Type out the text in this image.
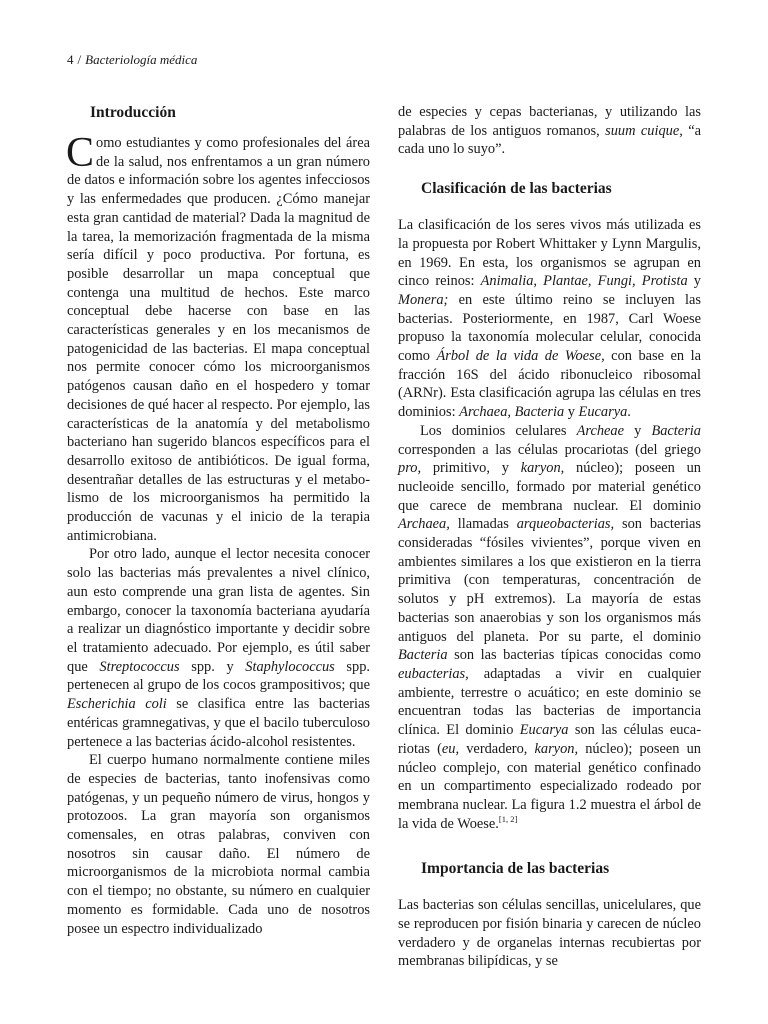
4 / Bacteriología médica
Introducción

Como estudiantes y como profesionales del área de la salud, nos enfrentamos a un gran número de datos e información sobre los agentes infecciosos y las enfermedades que producen. ¿Cómo manejar esta gran cantidad de material? Dada la magnitud de la tarea, la memorización fragmentada de la misma sería difícil y poco productiva. Por fortuna, es posible desarrollar un mapa conceptual que contenga una multitud de hechos. Este marco conceptual debe hacerse con base en las características generales y en los mecanismos de patogenicidad de las bacterias. El mapa conceptual nos permite conocer cómo los microorganismos patógenos causan daño en el hospedero y tomar decisiones de qué hacer al respecto. Por ejemplo, las características de la anatomía y del metabolismo bacteriano han sugerido blancos específicos para el desarrollo exitoso de antibióticos. De igual forma, desentrañar detalles de las estructuras y el metabolismo de los microorganismos ha permitido la producción de vacunas y el inicio de la terapia antimicrobiana.

Por otro lado, aunque el lector necesita conocer solo las bacterias más prevalentes a nivel clínico, aun esto comprende una gran lista de agentes. Sin embargo, conocer la taxonomía bacteriana ayudaría a realizar un diagnóstico importante y decidir sobre el tratamiento adecuado. Por ejemplo, es útil saber que Streptococcus spp. y Staphylococcus spp. pertenecen al grupo de los cocos grampositivos; que Escherichia coli se clasifica entre las bacterias entéricas gramnegativas, y que el bacilo tuberculoso pertenece a las bacterias ácido-alcohol resistentes.

El cuerpo humano normalmente contiene miles de especies de bacterias, tanto inofensivas como patógenas, y un pequeño número de virus, hongos y protozoos. La gran mayoría son organismos comensales, en otras palabras, conviven con nosotros sin causar daño. El número de microorganismos de la microbiota normal cambia con el tiempo; no obstante, su número en cualquier momento es formidable. Cada uno de nosotros posee un espectro individualizado

de especies y cepas bacterianas, y utilizando las palabras de los antiguos romanos, suum cuique, “a cada uno lo suyo”.

Clasificación de las bacterias

La clasificación de los seres vivos más utilizada es la propuesta por Robert Whittaker y Lynn Margulis, en 1969. En esta, los organismos se agrupan en cinco reinos: Animalia, Plantae, Fungi, Protista y Monera; en este último reino se incluyen las bacterias. Posteriormente, en 1987, Carl Woese propuso la taxonomía molecular celular, conocida como Árbol de la vida de Woese, con base en la fracción 16S del ácido ribonucleico ribosomal (ARNr). Esta clasificación agrupa las células en tres dominios: Archaea, Bacteria y Eucarya.

Los dominios celulares Archeae y Bacteria corresponden a las células procariotas (del griego pro, primitivo, y karyon, núcleo); poseen un nucleoide sencillo, formado por material genético que carece de membrana nuclear. El dominio Archaea, llamadas arqueobacterias, son bacterias consideradas “fósiles vivientes”, porque viven en ambientes similares a los que existieron en la tierra primitiva (con temperaturas, concentración de solutos y pH extremos). La mayoría de estas bacterias son anaerobias y son los organismos más antiguos del planeta. Por su parte, el dominio Bacteria son las bacterias típicas conocidas como eubacterias, adaptadas a vivir en cualquier ambiente, terrestre o acuático; en este dominio se encuentran todas las bacterias de importancia clínica. El dominio Eucarya son las células eucariotas (eu, verdadero, karyon, núcleo); poseen un núcleo complejo, con material genético confinado en un compartimento especializado rodeado por membrana nuclear. La figura 1.2 muestra el árbol de la vida de Woese.[1, 2]

Importancia de las bacterias

Las bacterias son células sencillas, unicelulares, que se reproducen por fisión binaria y carecen de núcleo verdadero y de organelas internas recubiertas por membranas bilipídicas, y se
